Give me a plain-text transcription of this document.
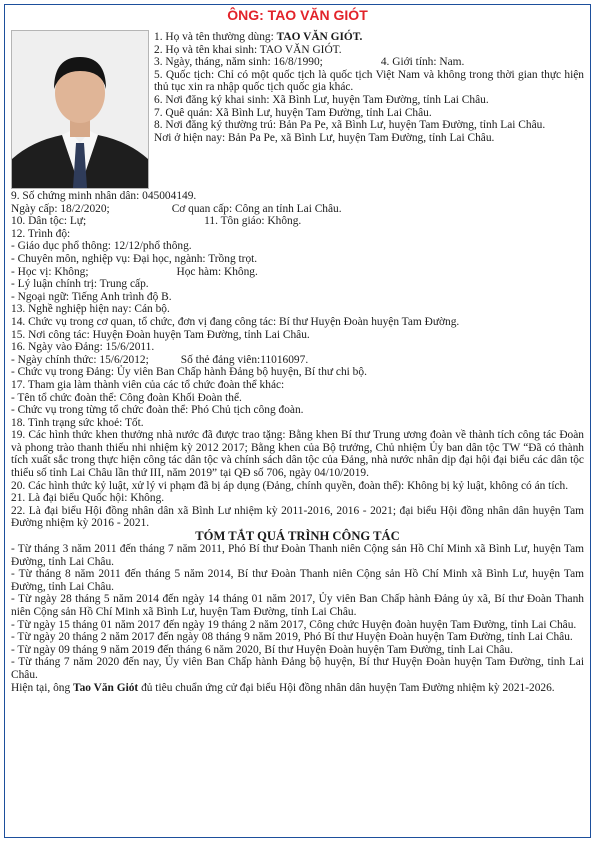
ÔNG: TAO VĂN GIÓT
1. Họ và tên thường dùng: TAO VĂN GIÓT.
2. Họ và tên khai sinh: TAO VĂN GIÓT.
3. Ngày, tháng, năm sinh: 16/8/1990;	4. Giới tính: Nam.
5. Quốc tịch: Chỉ có một quốc tịch là quốc tịch Việt Nam và không trong thời gian thực hiện thủ tục xin ra nhập quốc tịch quốc gia khác.
6. Nơi đăng ký khai sinh: Xã Bình Lư, huyện Tam Đường, tỉnh Lai Châu.
7. Quê quán: Xã Bình Lư, huyện Tam Đường, tỉnh Lai Châu.
8. Nơi đăng ký thường trú: Bản Pa Pe, xã Bình Lư, huyện Tam Đường, tỉnh Lai Châu.
Nơi ở hiện nay: Bản Pa Pe, xã Bình Lư, huyện Tam Đường, tỉnh Lai Châu.
9. Số chứng minh nhân dân: 045004149.
Ngày cấp: 18/2/2020;	Cơ quan cấp: Công an tỉnh Lai Châu.
10. Dân tộc: Lự;	11. Tôn giáo: Không.
12. Trình độ:
- Giáo dục phổ thông: 12/12/phổ thông.
- Chuyên môn, nghiệp vụ: Đại học, ngành: Trồng trọt.
- Học vị: Không;	Học hàm: Không.
- Lý luận chính trị: Trung cấp.
- Ngoại ngữ: Tiếng Anh trình độ B.
13. Nghề nghiệp hiện nay: Cán bộ.
14. Chức vụ trong cơ quan, tổ chức, đơn vị đang công tác: Bí thư Huyện Đoàn huyện Tam Đường.
15. Nơi công tác: Huyện Đoàn huyện Tam Đường, tỉnh Lai Châu.
16. Ngày vào Đảng: 15/6/2011.
- Ngày chính thức: 15/6/2012;	Số thẻ đảng viên:11016097.
- Chức vụ trong Đảng: Ủy viên Ban Chấp hành Đảng bộ huyện, Bí thư chi bộ.
17. Tham gia làm thành viên của các tổ chức đoàn thể khác:
- Tên tổ chức đoàn thể: Công đoàn Khối Đoàn thể.
- Chức vụ trong từng tổ chức đoàn thể: Phó Chủ tịch công đoàn.
18. Tình trạng sức khoẻ: Tốt.
19. Các hình thức khen thưởng nhà nước đã được trao tặng: Bằng khen Bí thư Trung ương đoàn về thành tích công tác Đoàn và phong trào thanh thiếu nhi nhiệm kỳ 2012 2017; Bằng khen của Bộ trưởng, Chủ nhiệm Ủy ban dân tộc TW “Đã có thành tích xuất sắc trong thực hiện công tác dân tộc và chính sách dân tộc của Đảng, nhà nước nhân dịp đại hội đại biểu các dân tộc thiểu số tỉnh Lai Châu lần thứ III, năm 2019” tại QĐ số 706, ngày 04/10/2019.
20. Các hình thức kỷ luật, xử lý vi phạm đã bị áp dụng (Đảng, chính quyền, đoàn thể): Không bị kỷ luật, không có án tích.
21. Là đại biểu Quốc hội: Không.
22. Là đại biểu Hội đồng nhân dân xã Bình Lư nhiệm kỳ 2011-2016, 2016 - 2021; đại biểu Hội đồng nhân dân huyện Tam Đường nhiệm kỳ 2016 - 2021.
TÓM TẮT QUÁ TRÌNH CÔNG TÁC
- Từ tháng 3 năm 2011 đến tháng 7 năm 2011, Phó Bí thư Đoàn Thanh niên Cộng sản Hồ Chí Minh xã Bình Lư, huyện Tam Đường, tỉnh Lai Châu.
- Từ tháng 8 năm 2011 đến tháng 5 năm 2014, Bí thư Đoàn Thanh niên Cộng sản Hồ Chí Minh xã Bình Lư, huyện Tam Đường, tỉnh Lai Châu.
- Từ ngày 28 tháng 5 năm 2014 đến ngày 14 tháng 01 năm 2017, Ủy viên Ban Chấp hành Đảng ủy xã, Bí thư Đoàn Thanh niên Cộng sản Hồ Chí Minh xã Bình Lư, huyện Tam Đường, tỉnh Lai Châu.
- Từ ngày 15 tháng 01 năm 2017 đến ngày 19 tháng 2 năm 2017, Công chức Huyện đoàn huyện Tam Đường, tỉnh Lai Châu.
- Từ ngày 20 tháng 2 năm 2017 đến ngày 08 tháng 9 năm 2019, Phó Bí thư Huyện Đoàn huyện Tam Đường, tỉnh Lai Châu.
- Từ ngày 09 tháng 9 năm 2019 đến tháng 6 năm 2020, Bí thư Huyện Đoàn huyện Tam Đường, tỉnh Lai Châu.
- Từ tháng 7 năm 2020 đến nay, Ủy viên Ban Chấp hành Đảng bộ huyện, Bí thư Huyện Đoàn huyện Tam Đường, tỉnh Lai Châu.
Hiện tại, ông Tao Văn Giót đủ tiêu chuẩn ứng cử đại biểu Hội đồng nhân dân huyện Tam Đường nhiệm kỳ 2021-2026.
